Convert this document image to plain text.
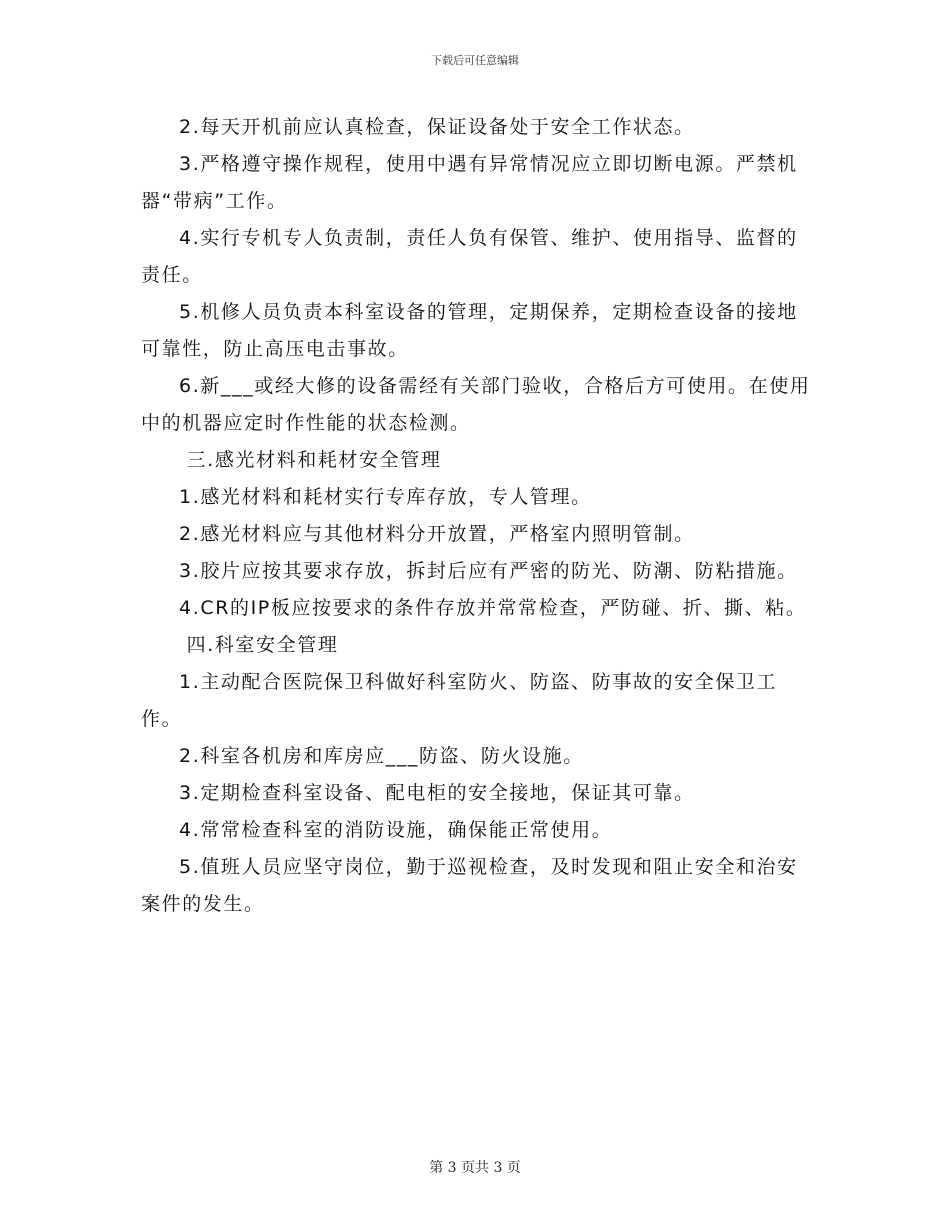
下载后可任意编辑

2.每天开机前应认真检查，保证设备处于安全工作状态。

3.严格遵守操作规程，使用中遇有异常情况应立即切断电源。严禁机器“带病”工作。

4.实行专机专人负责制，责任人负有保管、维护、使用指导、监督的责任。

5.机修人员负责本科室设备的管理，定期保养，定期检查设备的接地可靠性，防止高压电击事故。

6.新___或经大修的设备需经有关部门验收，合格后方可使用。在使用中的机器应定时作性能的状态检测。

三.感光材料和耗材安全管理

1.感光材料和耗材实行专库存放，专人管理。

2.感光材料应与其他材料分开放置，严格室内照明管制。

3.胶片应按其要求存放，拆封后应有严密的防光、防潮、防粘措施。

4.CR的IP板应按要求的条件存放并常常检查，严防碰、折、撕、粘。

四.科室安全管理

1.主动配合医院保卫科做好科室防火、防盗、防事故的安全保卫工作。

2.科室各机房和库房应___防盗、防火设施。

3.定期检查科室设备、配电柜的安全接地，保证其可靠。

4.常常检查科室的消防设施，确保能正常使用。

5.值班人员应坚守岗位，勤于巡视检查，及时发现和阻止安全和治安案件的发生。

第 3 页共 3 页
